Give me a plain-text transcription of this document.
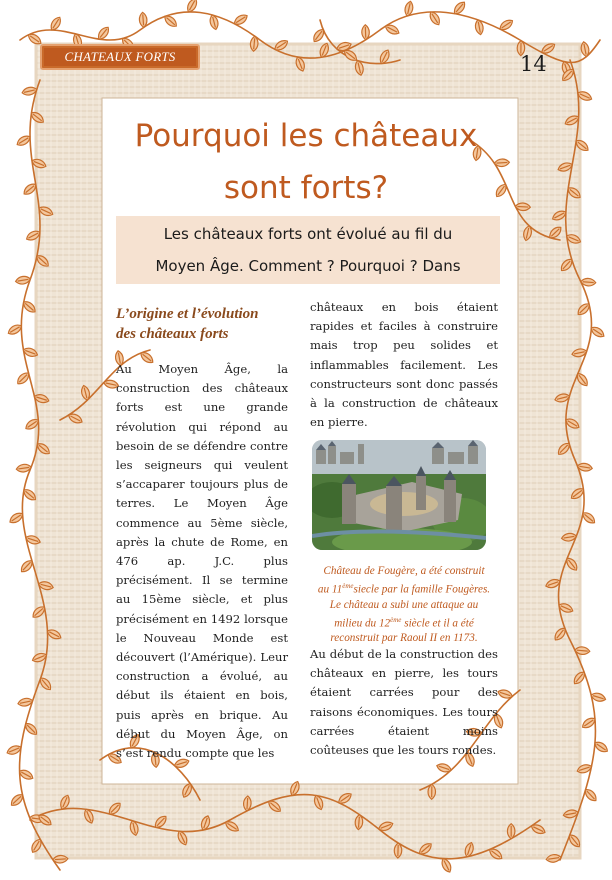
CHATEAUX FORTS	14
Pourquoi les châteaux
sont forts?
Les châteaux forts ont évolué au fil du
Moyen Âge. Comment ? Pourquoi ? Dans
L’origine et l’évolution
des châteaux forts
Au Moyen Âge, la construction des châteaux forts est une grande révolution qui répond au besoin de se défendre contre les seigneurs qui veulent s’accaparer toujours plus de terres. Le Moyen Âge commence au 5ème siècle, après la chute de Rome, en 476 ap. J.C. plus précisément. Il se termine au 15ème siècle, et plus précisément en 1492 lorsque le Nouveau Monde est découvert (l’Amérique). Leur construction a évolué, au début ils étaient en bois, puis après en brique. Au début du Moyen Âge, on s’est rendu compte que les
châteaux en bois étaient rapides et faciles à construire mais trop peu solides et inflammables facilement. Les constructeurs sont donc passés à la construction de châteaux en pierre.
Château de Fougère, a été construit
au 11èmesiecle par la famille Fougères.
Le château a subi une attaque au
milieu du 12ème siècle et il a été
reconstruit par Raoul II en 1173.
Au début de la construction des châteaux en pierre, les tours étaient carrées pour des raisons économiques. Les tours carrées étaient moins coûteuses que les tours rondes.
